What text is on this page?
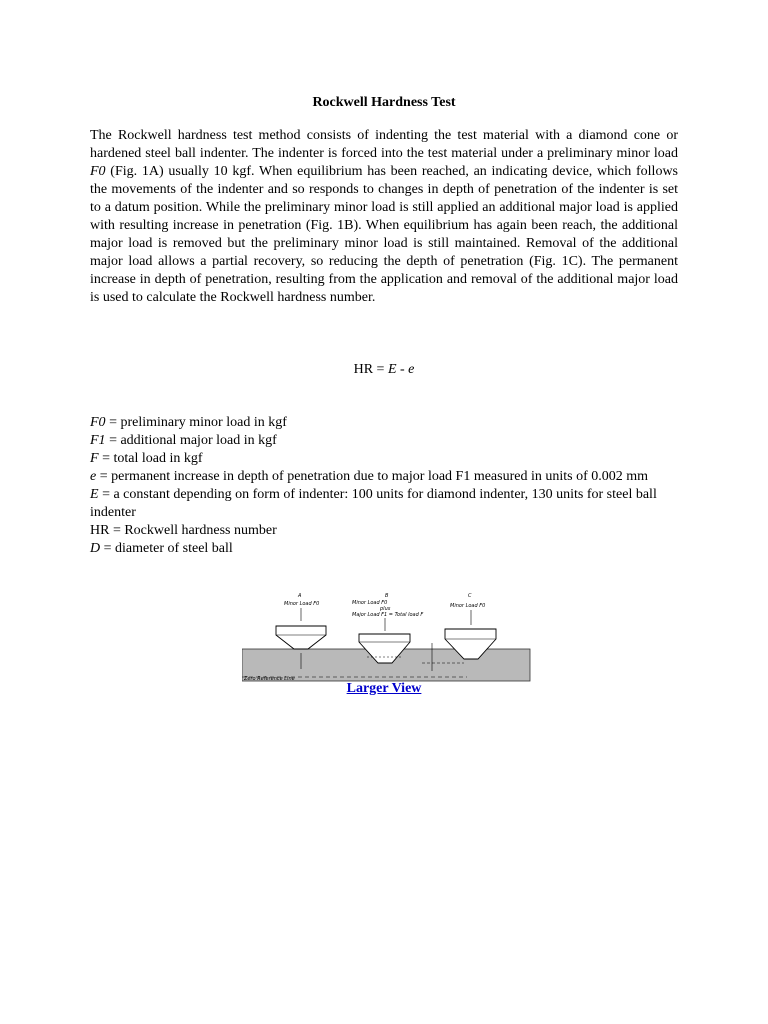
Rockwell Hardness Test

The Rockwell hardness test method consists of indenting the test material with a diamond cone or hardened steel ball indenter. The indenter is forced into the test material under a preliminary minor load F0 (Fig. 1A) usually 10 kgf. When equilibrium has been reached, an indicating device, which follows the movements of the indenter and so responds to changes in depth of penetration of the indenter is set to a datum position. While the preliminary minor load is still applied an additional major load is applied with resulting increase in penetration (Fig. 1B). When equilibrium has again been reach, the additional major load is removed but the preliminary minor load is still maintained. Removal of the additional major load allows a partial recovery, so reducing the depth of penetration (Fig. 1C). The permanent increase in depth of penetration, resulting from the application and removal of the additional major load is used to calculate the Rockwell hardness number.

HR = E - e

F0 = preliminary minor load in kgf
F1 = additional major load in kgf
F = total load in kgf
e = permanent increase in depth of penetration due to major load F1 measured in units of 0.002 mm
E = a constant depending on form of indenter: 100 units for diamond indenter, 130 units for steel ball indenter
HR = Rockwell hardness number
D = diameter of steel ball
Zero Reference Line
A
Minor Load F0
B
Minor Load F0
plus
Major Load F1 = Total load F
C
Minor Load F0
Larger View
